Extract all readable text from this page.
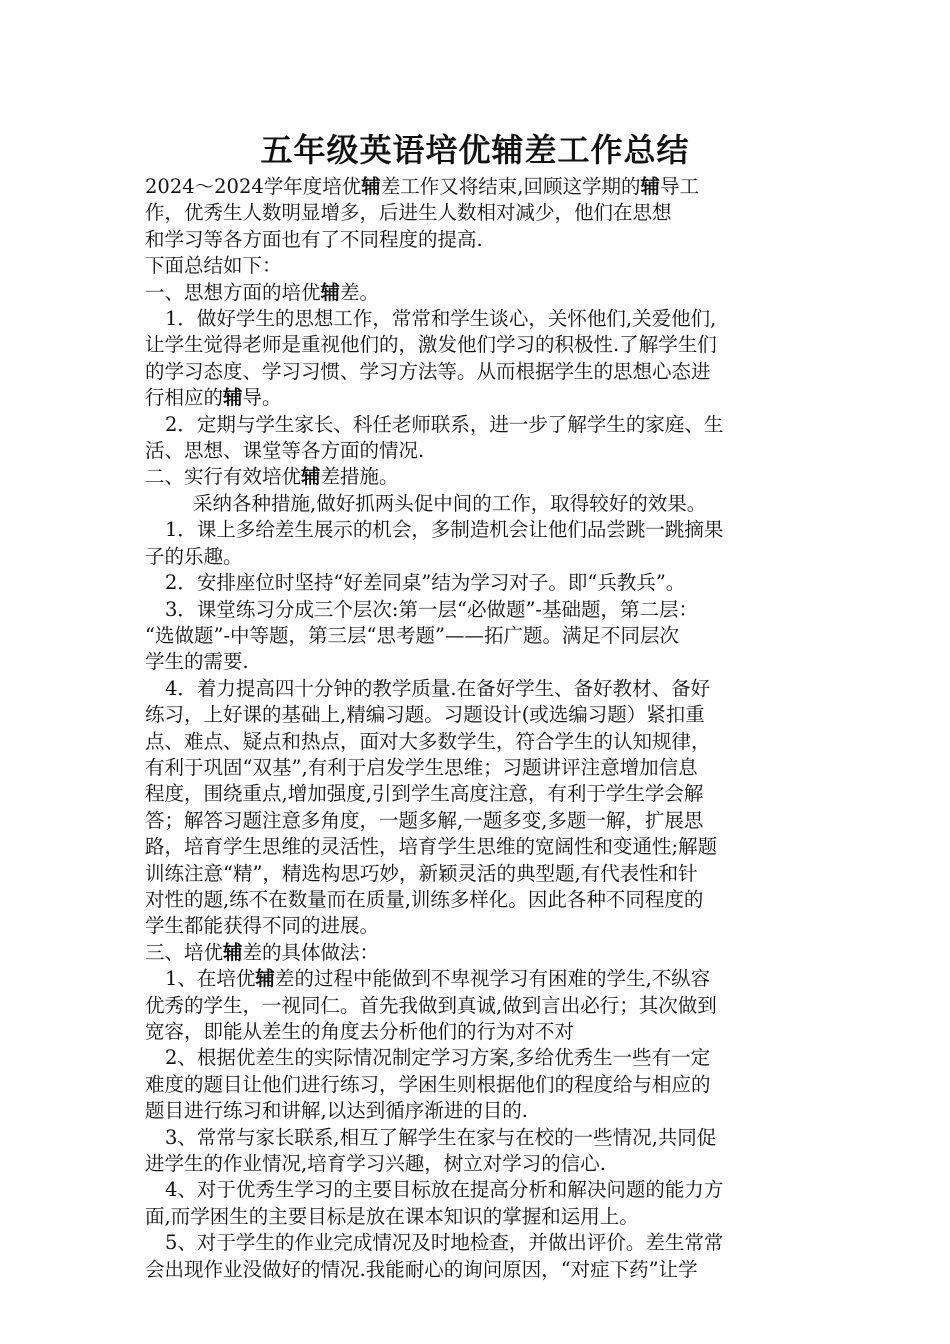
五年级英语培优辅差工作总结
2024～2024学年度培优辅差工作又将结束,回顾这学期的辅导工
作，优秀生人数明显增多，后进生人数相对减少，他们在思想
和学习等各方面也有了不同程度的提高.
下面总结如下：
一、思想方面的培优辅差。
1．做好学生的思想工作，常常和学生谈心，关怀他们,关爱他们,
让学生觉得老师是重视他们的，激发他们学习的积极性.了解学生们
的学习态度、学习习惯、学习方法等。从而根据学生的思想心态进
行相应的辅导。
2．定期与学生家长、科任老师联系，进一步了解学生的家庭、生
活、思想、课堂等各方面的情况.
二、实行有效培优辅差措施。
采纳各种措施,做好抓两头促中间的工作，取得较好的效果。
1．课上多给差生展示的机会，多制造机会让他们品尝跳一跳摘果
子的乐趣。
2．安排座位时坚持“好差同桌”结为学习对子。即“兵教兵”。
3．课堂练习分成三个层次:第一层“必做题”-基础题，第二层：
“选做题”-中等题，第三层“思考题”——拓广题。满足不同层次
学生的需要.
4．着力提高四十分钟的教学质量.在备好学生、备好教材、备好
练习，上好课的基础上,精编习题。习题设计(或选编习题）紧扣重
点、难点、疑点和热点，面对大多数学生，符合学生的认知规律，
有利于巩固“双基”,有利于启发学生思维；习题讲评注意增加信息
程度，围绕重点,增加强度,引到学生高度注意，有利于学生学会解
答；解答习题注意多角度，一题多解,一题多变,多题一解，扩展思
路，培育学生思维的灵活性，培育学生思维的宽阔性和变通性;解题
训练注意“精”，精选构思巧妙，新颖灵活的典型题,有代表性和针
对性的题,练不在数量而在质量,训练多样化。因此各种不同程度的
学生都能获得不同的进展。
三、培优辅差的具体做法：
1、在培优辅差的过程中能做到不卑视学习有困难的学生,不纵容
优秀的学生，一视同仁。首先我做到真诚,做到言出必行；其次做到
宽容，即能从差生的角度去分析他们的行为对不对
2、根据优差生的实际情况制定学习方案,多给优秀生一些有一定
难度的题目让他们进行练习，学困生则根据他们的程度给与相应的
题目进行练习和讲解,以达到循序渐进的目的.
3、常常与家长联系,相互了解学生在家与在校的一些情况,共同促
进学生的作业情况,培育学习兴趣，树立对学习的信心.
4、对于优秀生学习的主要目标放在提高分析和解决问题的能力方
面,而学困生的主要目标是放在课本知识的掌握和运用上。
5、对于学生的作业完成情况及时地检查，并做出评价。差生常常
会出现作业没做好的情况.我能耐心的询问原因，“对症下药”让学
